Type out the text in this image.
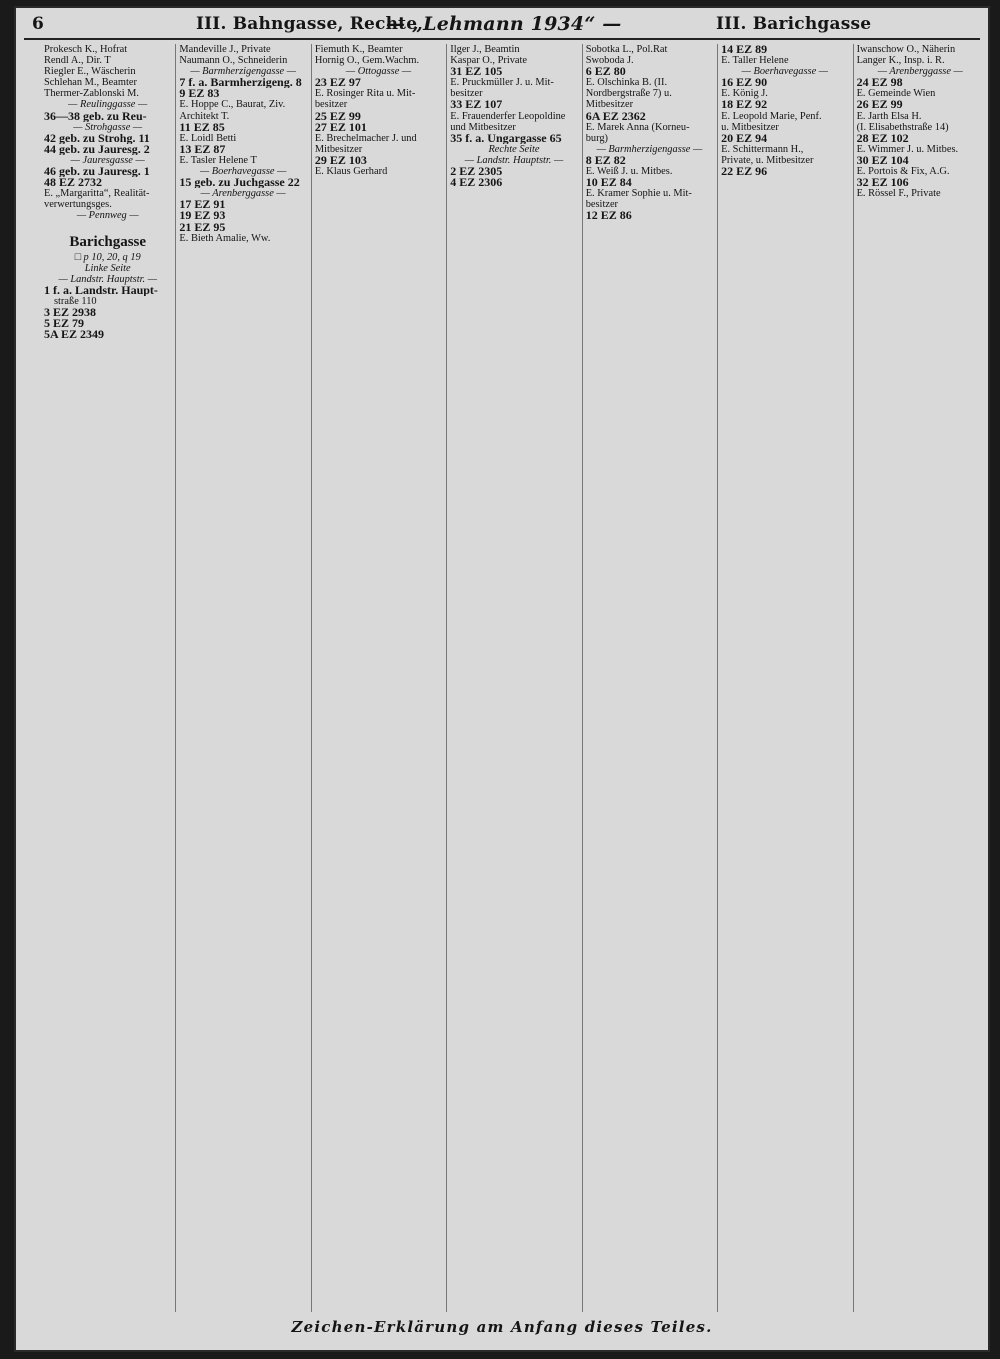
6	III. Bahngasse, Rechte
— „Lehmann 1934“ —	III. Barichgasse
Prokesch K., Hofrat
Rendl A., Dir. T
Riegler E., Wäscherin
Schlehan M., Beamter
Thermer-Zablonski M.
— Reulinggasse —
36—38 geb. zu Reu-
— Strohgasse —
42 geb. zu Strohg. 11
44 geb. zu Jauresg. 2
— Jauresgasse —
46 geb. zu Jauresg. 1
48 EZ 2732
E. „Margaritta“, Realität-
verwertungsges.
— Pennweg —
Barichgasse
□ p 10, 20, q 19
Linke Seite
— Landstr. Hauptstr. —
1 f. a. Landstr. Haupt-
straße 110
3 EZ 2938
5 EZ 79
5A EZ 2349
Mandeville J., Private
Naumann O., Schneiderin
— Barmherzigengasse —
7 f. a. Barmherzigeng. 8
9 EZ 83
E. Hoppe C., Baurat, Ziv.
Architekt T.
11 EZ 85
E. Loidl Betti
13 EZ 87
E. Tasler Helene T
— Boerhavegasse —
15 geb. zu Juchgasse 22
— Arenberggasse —
17 EZ 91
19 EZ 93
21 EZ 95
E. Bieth Amalie, Ww.
Fiemuth K., Beamter
Hornig O., Gem.Wachm.
— Ottogasse —
23 EZ 97
E. Rosinger Rita u. Mit-
besitzer
25 EZ 99
27 EZ 101
E. Brechelmacher J. und
Mitbesitzer
29 EZ 103
E. Klaus Gerhard
Ilger J., Beamtin
Kaspar O., Private
31 EZ 105
E. Pruckmüller J. u. Mit-
besitzer
33 EZ 107
E. Frauenderfer Leopoldine
und Mitbesitzer
35 f. a. Ungargasse 65
Rechte Seite
— Landstr. Hauptstr. —
2 EZ 2305
4 EZ 2306
Sobotka L., Pol.Rat
Swoboda J.
6 EZ 80
E. Olschinka B. (II.
Nordbergstraße 7) u.
Mitbesitzer
6A EZ 2362
E. Marek Anna (Korneu-
burg)
— Barmherzigengasse —
8 EZ 82
E. Weiß J. u. Mitbes.
10 EZ 84
E. Kramer Sophie u. Mit-
besitzer
12 EZ 86
14 EZ 89
E. Taller Helene
— Boerhavegasse —
16 EZ 90
E. König J.
18 EZ 92
E. Leopold Marie, Penf.
u. Mitbesitzer
20 EZ 94
E. Schittermann H.,
Private, u. Mitbesitzer
22 EZ 96
Iwanschow O., Näherin
Langer K., Insp. i. R.
— Arenberggasse —
24 EZ 98
E. Gemeinde Wien
26 EZ 99
E. Jarth Elsa H.
(I. Elisabethstraße 14)
28 EZ 102
E. Wimmer J. u. Mitbes.
30 EZ 104
E. Portois & Fix, A.G.
32 EZ 106
E. Rössel F., Private
Zeichen-Erklärung am Anfang dieses Teiles.
